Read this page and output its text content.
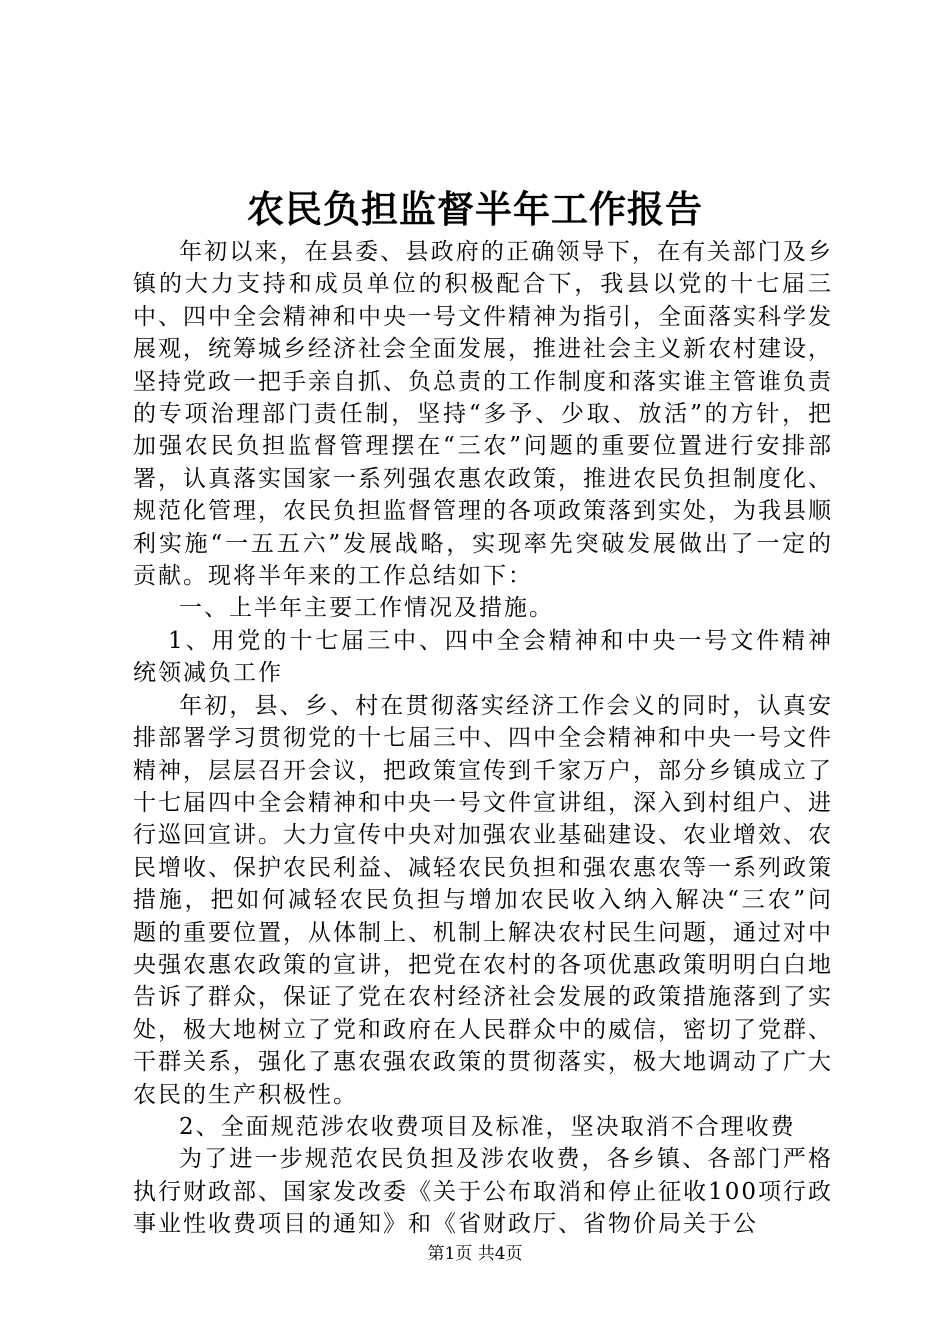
农民负担监督半年工作报告

年初以来，在县委、县政府的正确领导下，在有关部门及乡镇的大力支持和成员单位的积极配合下，我县以党的十七届三中、四中全会精神和中央一号文件精神为指引，全面落实科学发展观，统筹城乡经济社会全面发展，推进社会主义新农村建设，坚持党政一把手亲自抓、负总责的工作制度和落实谁主管谁负责的专项治理部门责任制，坚持“多予、少取、放活”的方针，把加强农民负担监督管理摆在“三农”问题的重要位置进行安排部署，认真落实国家一系列强农惠农政策，推进农民负担制度化、规范化管理，农民负担监督管理的各项政策落到实处，为我县顺利实施“一五五六”发展战略，实现率先突破发展做出了一定的贡献。现将半年来的工作总结如下：

一、上半年主要工作情况及措施。

1、用党的十七届三中、四中全会精神和中央一号文件精神统领减负工作

年初，县、乡、村在贯彻落实经济工作会义的同时，认真安排部署学习贯彻党的十七届三中、四中全会精神和中央一号文件精神，层层召开会议，把政策宣传到千家万户，部分乡镇成立了十七届四中全会精神和中央一号文件宣讲组，深入到村组户、进行巡回宣讲。大力宣传中央对加强农业基础建设、农业增效、农民增收、保护农民利益、减轻农民负担和强农惠农等一系列政策措施，把如何减轻农民负担与增加农民收入纳入解决“三农”问题的重要位置，从体制上、机制上解决农村民生问题，通过对中央强农惠农政策的宣讲，把党在农村的各项优惠政策明明白白地告诉了群众，保证了党在农村经济社会发展的政策措施落到了实处，极大地树立了党和政府在人民群众中的威信，密切了党群、干群关系，强化了惠农强农政策的贯彻落实，极大地调动了广大农民的生产积极性。

2、全面规范涉农收费项目及标准，坚决取消不合理收费

为了进一步规范农民负担及涉农收费，各乡镇、各部门严格执行财政部、国家发改委《关于公布取消和停止征收100项行政事业性收费项目的通知》和《省财政厅、省物价局关于公

第1页 共4页
